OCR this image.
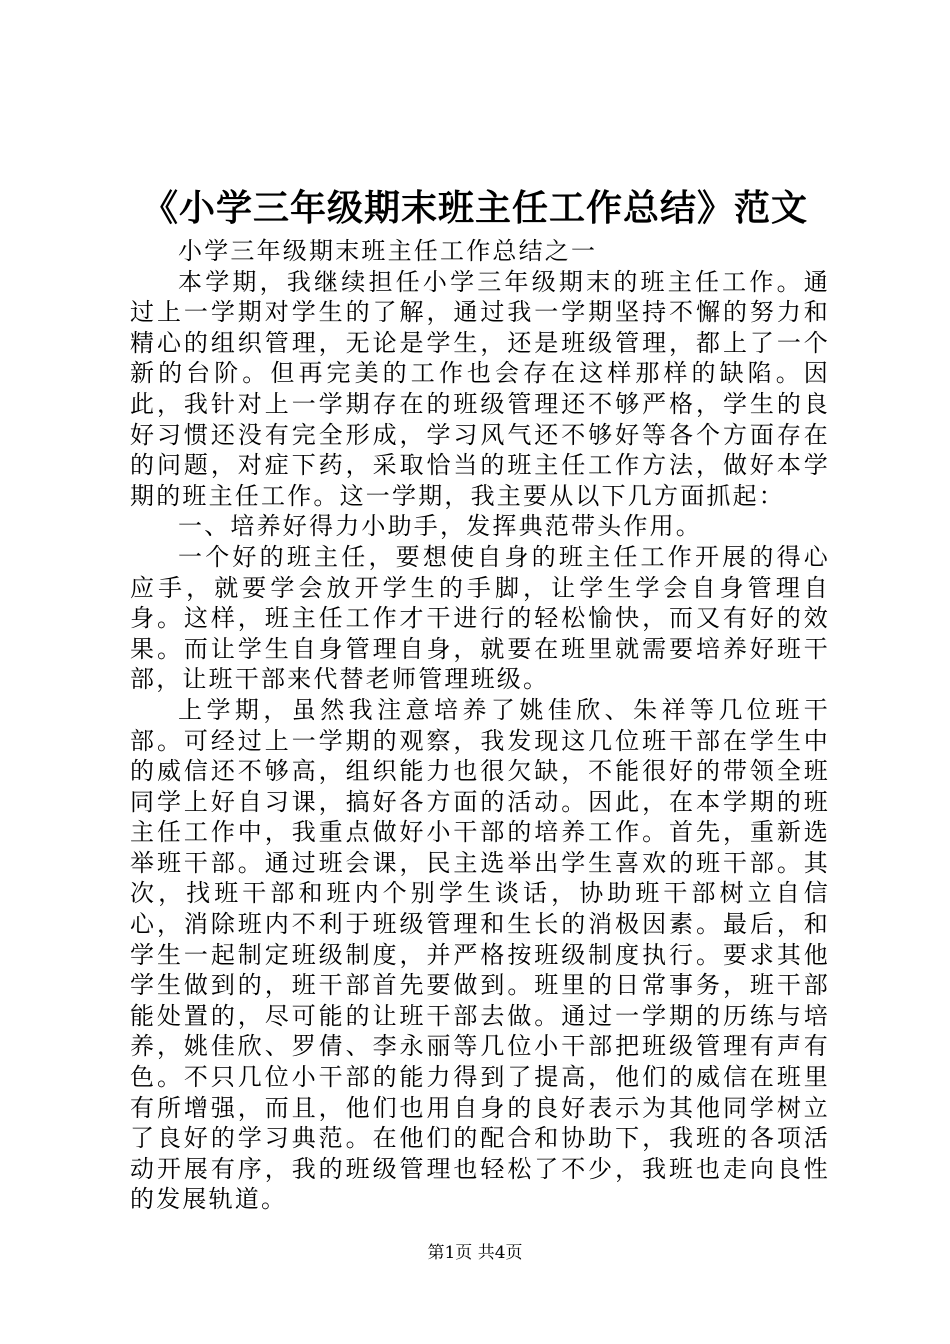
《小学三年级期末班主任工作总结》范文

小学三年级期末班主任工作总结之一

本学期，我继续担任小学三年级期末的班主任工作。通过上一学期对学生的了解，通过我一学期坚持不懈的努力和精心的组织管理，无论是学生，还是班级管理，都上了一个新的台阶。但再完美的工作也会存在这样那样的缺陷。因此，我针对上一学期存在的班级管理还不够严格，学生的良好习惯还没有完全形成，学习风气还不够好等各个方面存在的问题，对症下药，采取恰当的班主任工作方法，做好本学期的班主任工作。这一学期，我主要从以下几方面抓起：

一、培养好得力小助手，发挥典范带头作用。

一个好的班主任，要想使自身的班主任工作开展的得心应手，就要学会放开学生的手脚，让学生学会自身管理自身。这样，班主任工作才干进行的轻松愉快，而又有好的效果。而让学生自身管理自身，就要在班里就需要培养好班干部，让班干部来代替老师管理班级。

上学期，虽然我注意培养了姚佳欣、朱祥等几位班干部。可经过上一学期的观察，我发现这几位班干部在学生中的威信还不够高，组织能力也很欠缺，不能很好的带领全班同学上好自习课，搞好各方面的活动。因此，在本学期的班主任工作中，我重点做好小干部的培养工作。首先，重新选举班干部。通过班会课，民主选举出学生喜欢的班干部。其次，找班干部和班内个别学生谈话，协助班干部树立自信心，消除班内不利于班级管理和生长的消极因素。最后，和学生一起制定班级制度，并严格按班级制度执行。要求其他学生做到的，班干部首先要做到。班里的日常事务，班干部能处置的，尽可能的让班干部去做。通过一学期的历练与培养，姚佳欣、罗倩、李永丽等几位小干部把班级管理有声有色。不只几位小干部的能力得到了提高，他们的威信在班里有所增强，而且，他们也用自身的良好表示为其他同学树立了良好的学习典范。在他们的配合和协助下，我班的各项活动开展有序，我的班级管理也轻松了不少，我班也走向良性的发展轨道。

第1页 共4页
